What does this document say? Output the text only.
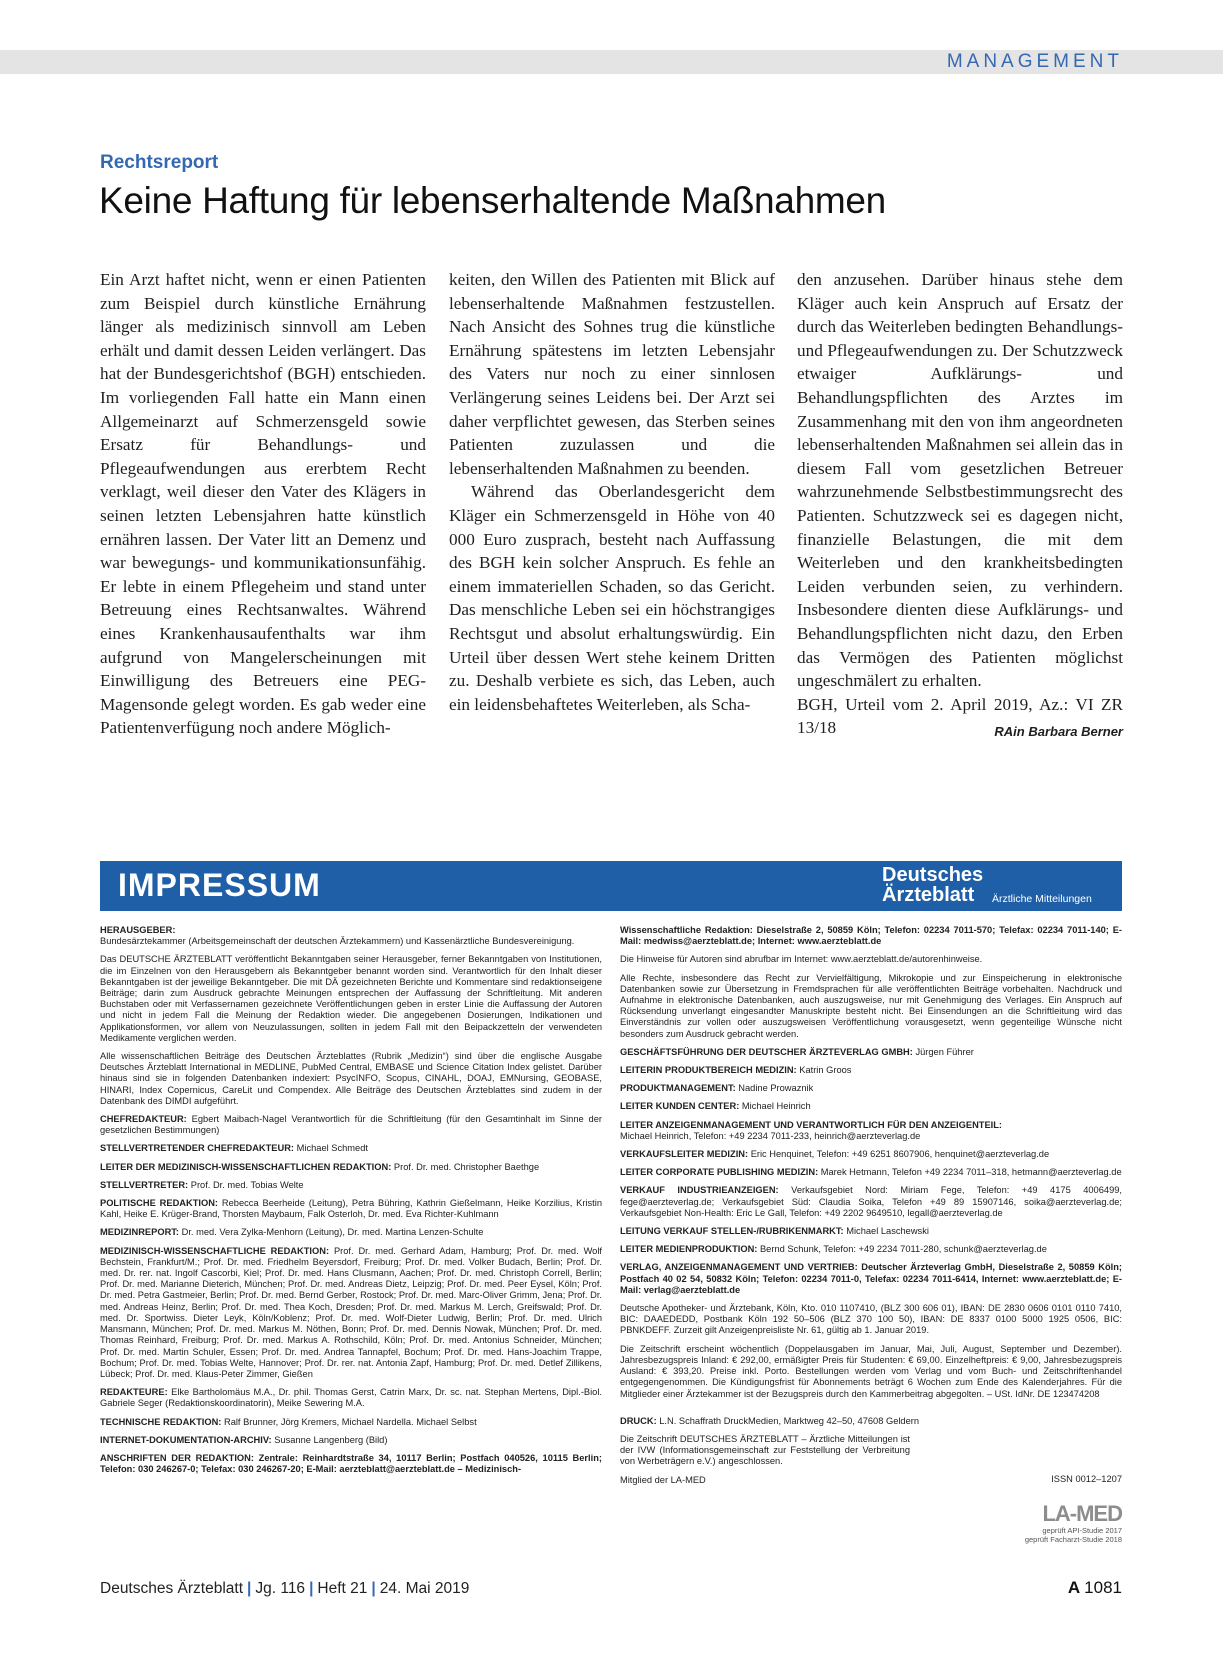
MANAGEMENT
Rechtsreport
Keine Haftung für lebenserhaltende Maßnahmen

Ein Arzt haftet nicht, wenn er einen Patienten zum Beispiel durch künstliche Ernährung länger als medizinisch sinnvoll am Leben erhält und damit dessen Leiden verlängert. Das hat der Bundesgerichtshof (BGH) entschieden. Im vorliegenden Fall hatte ein Mann einen Allgemeinarzt auf Schmerzensgeld sowie Ersatz für Behandlungs- und Pflegeaufwendungen aus ererbtem Recht verklagt, weil dieser den Vater des Klägers in seinen letzten Lebensjahren hatte künstlich ernähren lassen. Der Vater litt an Demenz und war bewegungs- und kommunikationsunfähig. Er lebte in einem Pflegeheim und stand unter Betreuung eines Rechtsanwaltes. Während eines Krankenhausaufenthalts war ihm aufgrund von Mangelerscheinungen mit Einwilligung des Betreuers eine PEG-Magensonde gelegt worden. Es gab weder eine Patientenverfügung noch andere Möglich-

keiten, den Willen des Patienten mit Blick auf lebenserhaltende Maßnahmen festzustellen. Nach Ansicht des Sohnes trug die künstliche Ernährung spätestens im letzten Lebensjahr des Vaters nur noch zu einer sinnlosen Verlängerung seines Leidens bei. Der Arzt sei daher verpflichtet gewesen, das Sterben seines Patienten zuzulassen und die lebenserhaltenden Maßnahmen zu beenden.

Während das Oberlandesgericht dem Kläger ein Schmerzensgeld in Höhe von 40 000 Euro zusprach, besteht nach Auffassung des BGH kein solcher Anspruch. Es fehle an einem immateriellen Schaden, so das Gericht. Das menschliche Leben sei ein höchstrangiges Rechtsgut und absolut erhaltungswürdig. Ein Urteil über dessen Wert stehe keinem Dritten zu. Deshalb verbiete es sich, das Leben, auch ein leidensbehaftetes Weiterleben, als Scha-

den anzusehen. Darüber hinaus stehe dem Kläger auch kein Anspruch auf Ersatz der durch das Weiterleben bedingten Behandlungs- und Pflegeaufwendungen zu. Der Schutzzweck etwaiger Aufklärungs- und Behandlungspflichten des Arztes im Zusammenhang mit den von ihm angeordneten lebenserhaltenden Maßnahmen sei allein das in diesem Fall vom gesetzlichen Betreuer wahrzunehmende Selbstbestimmungsrecht des Patienten. Schutzzweck sei es dagegen nicht, finanzielle Belastungen, die mit dem Weiterleben und den krankheitsbedingten Leiden verbunden seien, zu verhindern. Insbesondere dienten diese Aufklärungs- und Behandlungspflichten nicht dazu, den Erben das Vermögen des Patienten möglichst ungeschmälert zu erhalten.

BGH, Urteil vom 2. April 2019, Az.: VI ZR 13/18	RAin Barbara Berner

IMPRESSUM	Deutsches
Ärzteblatt Ärztliche Mitteilungen

HERAUSGEBER:
Bundesärztekammer (Arbeitsgemeinschaft der deutschen Ärztekammern) und Kassenärztliche Bundesvereinigung.

Das DEUTSCHE ÄRZTEBLATT veröffentlicht Bekanntgaben seiner Herausgeber, ferner Bekanntgaben von Institutionen, die im Einzelnen von den Herausgebern als Bekanntgeber benannt worden sind. Verantwortlich für den Inhalt dieser Bekanntgaben ist der jeweilige Bekanntgeber. Die mit DÄ gezeichneten Berichte und Kommentare sind redaktionseigene Beiträge; darin zum Ausdruck gebrachte Meinungen entsprechen der Auffassung der Schriftleitung. Mit anderen Buchstaben oder mit Verfassernamen gezeichnete Veröffentlichungen geben in erster Linie die Auffassung der Autoren und nicht in jedem Fall die Meinung der Redaktion wieder. Die angegebenen Dosierungen, Indikationen und Applikationsformen, vor allem von Neuzulassungen, sollten in jedem Fall mit den Beipackzetteln der verwendeten Medikamente verglichen werden.

Alle wissenschaftlichen Beiträge des Deutschen Ärzteblattes (Rubrik „Medizin“) sind über die englische Ausgabe Deutsches Ärzteblatt International in MEDLINE, PubMed Central, EMBASE und Science Citation Index gelistet. Darüber hinaus sind sie in folgenden Datenbanken indexiert: PsycINFO, Scopus, CINAHL, DOAJ, EMNursing, GEOBASE, HINARI, Index Copernicus, CareLit und Compendex. Alle Beiträge des Deutschen Ärzteblattes sind zudem in der Datenbank des DIMDI aufgeführt.

CHEFREDAKTEUR: Egbert Maibach-Nagel Verantwortlich für die Schriftleitung (für den Gesamtinhalt im Sinne der gesetzlichen Bestimmungen)

STELLVERTRETENDER CHEFREDAKTEUR: Michael Schmedt

LEITER DER MEDIZINISCH-WISSENSCHAFTLICHEN REDAKTION: Prof. Dr. med. Christopher Baethge

STELLVERTRETER: Prof. Dr. med. Tobias Welte

POLITISCHE REDAKTION: Rebecca Beerheide (Leitung), Petra Bühring, Kathrin Gießelmann, Heike Korzilius, Kristin Kahl, Heike E. Krüger-Brand, Thorsten Maybaum, Falk Osterloh, Dr. med. Eva Richter-Kuhlmann

MEDIZINREPORT: Dr. med. Vera Zylka-Menhorn (Leitung), Dr. med. Martina Lenzen-Schulte

MEDIZINISCH-WISSENSCHAFTLICHE REDAKTION: Prof. Dr. med. Gerhard Adam, Hamburg; Prof. Dr. med. Wolf Bechstein, Frankfurt/M.; Prof. Dr. med. Friedhelm Beyersdorf, Freiburg; Prof. Dr. med. Volker Budach, Berlin; Prof. Dr. med. Dr. rer. nat. Ingolf Cascorbi, Kiel; Prof. Dr. med. Hans Clusmann, Aachen; Prof. Dr. med. Christoph Correll, Berlin; Prof. Dr. med. Marianne Dieterich, München; Prof. Dr. med. Andreas Dietz, Leipzig; Prof. Dr. med. Peer Eysel, Köln; Prof. Dr. med. Petra Gastmeier, Berlin; Prof. Dr. med. Bernd Gerber, Rostock; Prof. Dr. med. Marc-Oliver Grimm, Jena; Prof. Dr. med. Andreas Heinz, Berlin; Prof. Dr. med. Thea Koch, Dresden; Prof. Dr. med. Markus M. Lerch, Greifswald; Prof. Dr. med. Dr. Sportwiss. Dieter Leyk, Köln/Koblenz; Prof. Dr. med. Wolf-Dieter Ludwig, Berlin; Prof. Dr. med. Ulrich Mansmann, München; Prof. Dr. med. Markus M. Nöthen, Bonn; Prof. Dr. med. Dennis Nowak, München; Prof. Dr. med. Thomas Reinhard, Freiburg; Prof. Dr. med. Markus A. Rothschild, Köln; Prof. Dr. med. Antonius Schneider, München; Prof. Dr. med. Martin Schuler, Essen; Prof. Dr. med. Andrea Tannapfel, Bochum; Prof. Dr. med. Hans-Joachim Trappe, Bochum; Prof. Dr. med. Tobias Welte, Hannover; Prof. Dr. rer. nat. Antonia Zapf, Hamburg; Prof. Dr. med. Detlef Zillikens, Lübeck; Prof. Dr. med. Klaus-Peter Zimmer, Gießen

REDAKTEURE: Elke Bartholomäus M.A., Dr. phil. Thomas Gerst, Catrin Marx, Dr. sc. nat. Stephan Mertens, Dipl.-Biol. Gabriele Seger (Redaktionskoordinatorin), Meike Sewering M.A.

TECHNISCHE REDAKTION: Ralf Brunner, Jörg Kremers, Michael Nardella. Michael Selbst

INTERNET-DOKUMENTATION-ARCHIV: Susanne Langenberg (Bild)

ANSCHRIFTEN DER REDAKTION: Zentrale: Reinhardtstraße 34, 10117 Berlin; Postfach 040526, 10115 Berlin; Telefon: 030 246267-0; Telefax: 030 246267-20; E-Mail: aerzteblatt@aerzteblatt.de – Medizinisch-

Wissenschaftliche Redaktion: Dieselstraße 2, 50859 Köln; Telefon: 02234 7011-570; Telefax: 02234 7011-140; E-Mail: medwiss@aerzteblatt.de; Internet: www.aerzteblatt.de

Die Hinweise für Autoren sind abrufbar im Internet: www.aerzteblatt.de/autorenhinweise.

Alle Rechte, insbesondere das Recht zur Vervielfältigung, Mikrokopie und zur Einspeicherung in elektronische Datenbanken sowie zur Übersetzung in Fremdsprachen für alle veröffentlichten Beiträge vorbehalten. Nachdruck und Aufnahme in elektronische Datenbanken, auch auszugsweise, nur mit Genehmigung des Verlages. Ein Anspruch auf Rücksendung unverlangt eingesandter Manuskripte besteht nicht. Bei Einsendungen an die Schriftleitung wird das Einverständnis zur vollen oder auszugsweisen Veröffentlichung vorausgesetzt, wenn gegenteilige Wünsche nicht besonders zum Ausdruck gebracht werden.

GESCHÄFTSFÜHRUNG DER DEUTSCHER ÄRZTEVERLAG GMBH: Jürgen Führer

LEITERIN PRODUKTBEREICH MEDIZIN: Katrin Groos

PRODUKTMANAGEMENT: Nadine Prowaznik

LEITER KUNDEN CENTER: Michael Heinrich

LEITER ANZEIGENMANAGEMENT UND VERANTWORTLICH FÜR DEN ANZEIGENTEIL:
Michael Heinrich, Telefon: +49 2234 7011-233, heinrich@aerzteverlag.de

VERKAUFSLEITER MEDIZIN: Eric Henquinet, Telefon: +49 6251 8607906, henquinet@aerzteverlag.de

LEITER CORPORATE PUBLISHING MEDIZIN: Marek Hetmann, Telefon +49 2234 7011–318, hetmann@aerzteverlag.de

VERKAUF INDUSTRIEANZEIGEN: Verkaufsgebiet Nord: Miriam Fege, Telefon: +49 4175 4006499, fege@aerzteverlag.de; Verkaufsgebiet Süd: Claudia Soika, Telefon +49 89 15907146, soika@aerzteverlag.de; Verkaufsgebiet Non-Health: Eric Le Gall, Telefon: +49 2202 9649510, legall@aerzteverlag.de

LEITUNG VERKAUF STELLEN-/RUBRIKENMARKT: Michael Laschewski

LEITER MEDIENPRODUKTION: Bernd Schunk, Telefon: +49 2234 7011-280, schunk@aerzteverlag.de

VERLAG, ANZEIGENMANAGEMENT UND VERTRIEB: Deutscher Ärzteverlag GmbH, Dieselstraße 2, 50859 Köln; Postfach 40 02 54, 50832 Köln; Telefon: 02234 7011-0, Telefax: 02234 7011-6414, Internet: www.aerzteblatt.de; E-Mail: verlag@aerzteblatt.de

Deutsche Apotheker- und Ärztebank, Köln, Kto. 010 1107410, (BLZ 300 606 01), IBAN: DE 2830 0606 0101 0110 7410, BIC: DAAEDEDD, Postbank Köln 192 50–506 (BLZ 370 100 50), IBAN: DE 8337 0100 5000 1925 0506, BIC: PBNKDEFF. Zurzeit gilt Anzeigenpreisliste Nr. 61, gültig ab 1. Januar 2019.

Die Zeitschrift erscheint wöchentlich (Doppelausgaben im Januar, Mai, Juli, August, September und Dezember). Jahresbezugspreis Inland: € 292,00, ermäßigter Preis für Studenten: € 69,00. Einzelheftpreis: € 9,00, Jahresbezugspreis Ausland: € 393,20. Preise inkl. Porto. Bestellungen werden vom Verlag und vom Buch- und Zeitschriftenhandel entgegengenommen. Die Kündigungsfrist für Abonnements beträgt 6 Wochen zum Ende des Kalenderjahres. Für die Mitglieder einer Ärztekammer ist der Bezugspreis durch den Kammerbeitrag abgegolten. – USt. IdNr. DE 123474208

DRUCK: L.N. Schaffrath DruckMedien, Marktweg 42–50, 47608 Geldern

Die Zeitschrift DEUTSCHES ÄRZTEBLATT – Ärztliche Mitteilungen ist der IVW (Informationsgemeinschaft zur Feststellung der Verbreitung von Werbeträgern e.V.) angeschlossen.

Mitglied der LA-MED	ISSN 0012–1207
LA-MED
geprüft API-Studie 2017
geprüft Facharzt-Studie 2018
Deutsches Ärzteblatt | Jg. 116 | Heft 21 | 24. Mai 2019	A 1081
